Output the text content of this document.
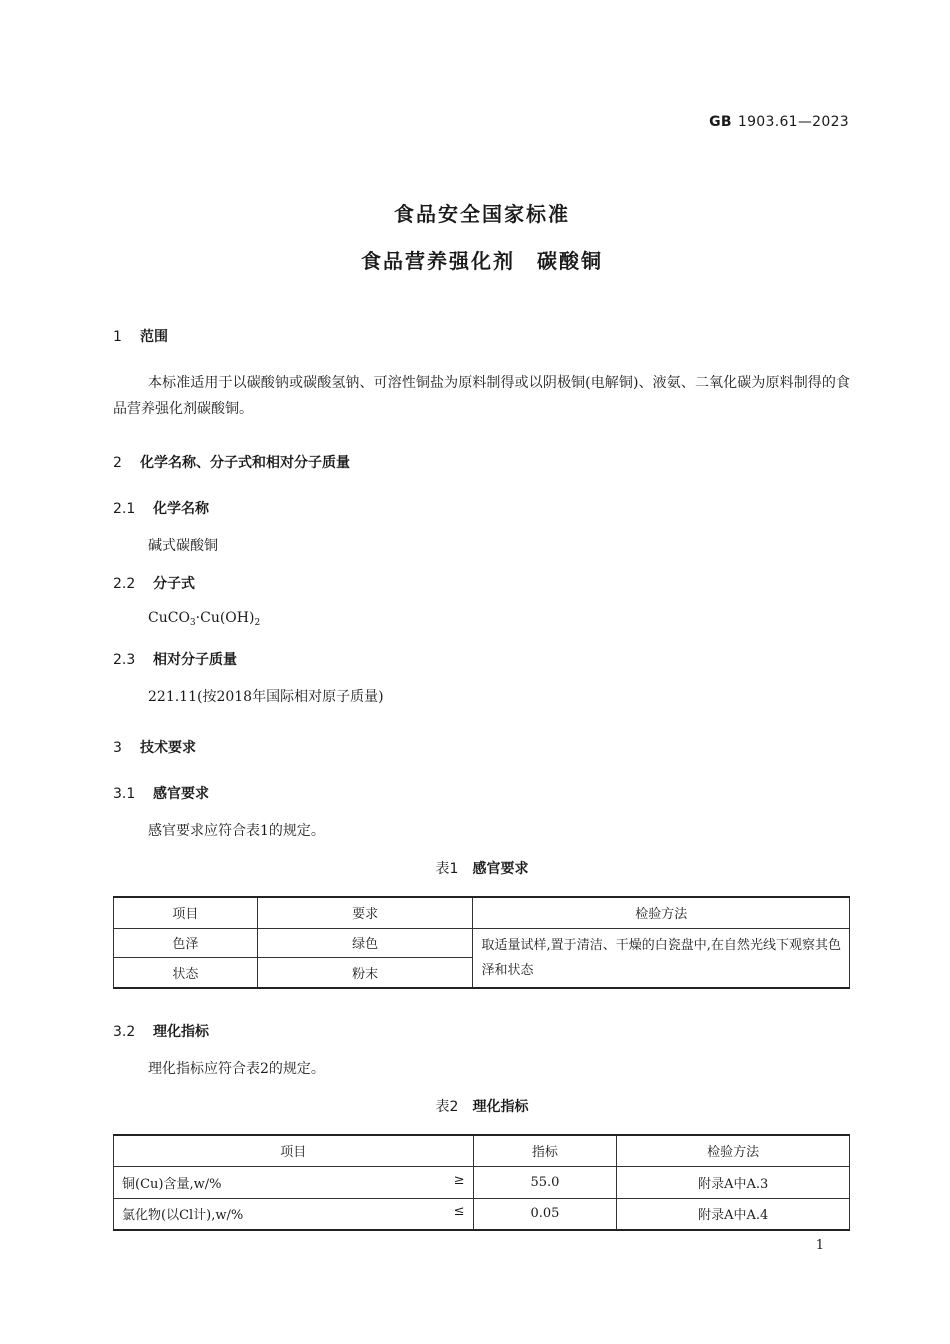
GB 1903.61—2023
食品安全国家标准
食品营养强化剂　碳酸铜
1 范围
本标准适用于以碳酸钠或碳酸氢钠、可溶性铜盐为原料制得或以阴极铜(电解铜)、液氨、二氧化碳为原料制得的食品营养强化剂碳酸铜。
2 化学名称、分子式和相对分子质量
2.1 化学名称
碱式碳酸铜
2.2 分子式
$CuCO_3\cdot Cu(OH)_2$
2.3 相对分子质量
221.11(按2018年国际相对原子质量)
3 技术要求
3.1 感官要求
感官要求应符合表1的规定。
表1 感官要求
项目	要求	检验方法
色泽	绿色	取适量试样,置于清洁、干燥的白瓷盘中,在自然光线下观察其色泽和状态
状态	粉末	
3.2 理化指标
理化指标应符合表2的规定。
表2 理化指标
项目	指标	检验方法
铜(Cu)含量,w/% ≥	55.0	附录A中A.3
氯化物(以Cl计),w/% ≤	0.05	附录A中A.4
1
